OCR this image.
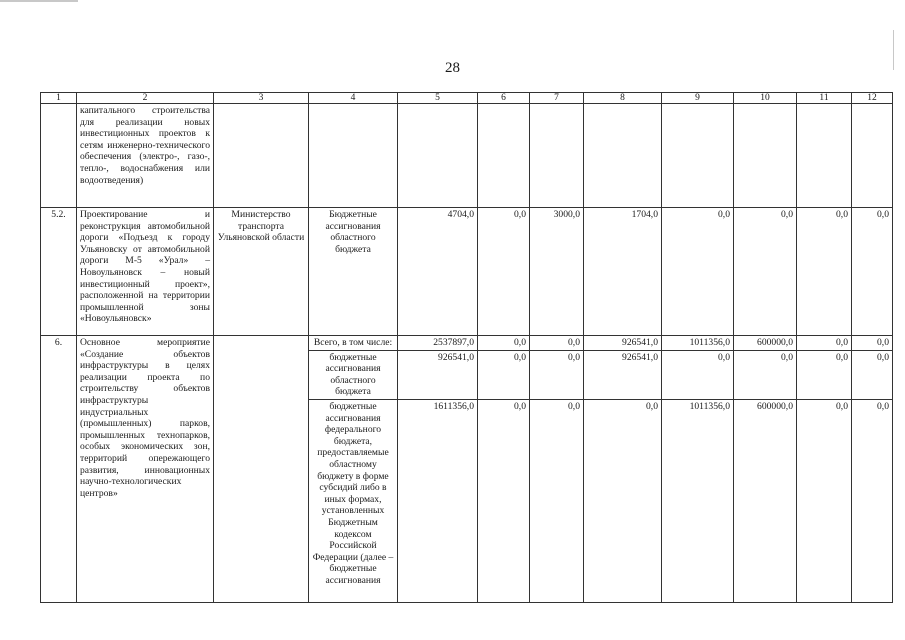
28
1	2	3	4	5	6	7	8	9	10	11	12
	капитального строительства для реализации новых инвестиционных проектов к сетям инженерно-технического обеспечения (электро-, газо-, тепло-, водоснабжения или водоотведения)										
5.2.	Проектирование и реконструкция автомобильной дороги «Подъезд к городу Ульяновску от автомобильной дороги М-5 «Урал» – Новоульяновск – новый инвестиционный проект», расположенной на территории промышленной зоны «Новоульяновск»	Министерство транспорта Ульяновской области	Бюджетные ассигнования областного бюджета	4704,0	0,0	3000,0	1704,0	0,0	0,0	0,0	0,0
6.	Основное мероприятие «Создание объектов инфраструктуры в целях реализации проекта по строительству объектов инфраструктуры индустриальных (промышленных) парков, промышленных технопарков, особых экономических зон, территорий опережающего развития, инновационных научно-технологических центров»		Всего, в том числе:	2537897,0	0,0	0,0	926541,0	1011356,0	600000,0	0,0	0,0
			бюджетные ассигнования областного бюджета	926541,0	0,0	0,0	926541,0	0,0	0,0	0,0	0,0
			бюджетные ассигнования федерального бюджета, предоставляемые областному бюджету в форме субсидий либо в иных формах, установленных Бюджетным кодексом Российской Федерации (далее – бюджетные ассигнования	1611356,0	0,0	0,0	0,0	1011356,0	600000,0	0,0	0,0
